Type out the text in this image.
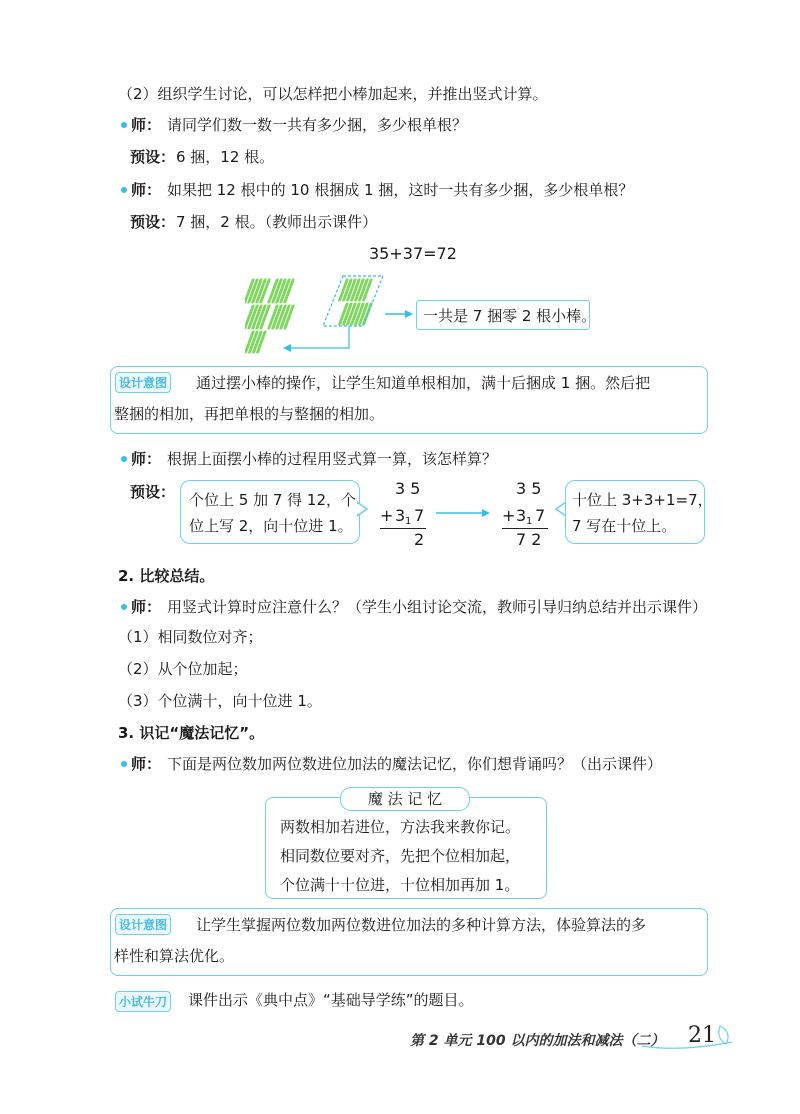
（2）组织学生讨论，可以怎样把小棒加起来，并推出竖式计算。
师： 请同学们数一数一共有多少捆，多少根单根？
预设： 6 捆，12 根。
师： 如果把 12 根中的 10 根捆成 1 捆，这时一共有多少捆，多少根单根？
预设： 7 捆，2 根。（教师出示课件）
35+37=72
一共是 7 捆零 2 根小棒。
设计意图 通过摆小棒的操作，让学生知道单根相加，满十后捆成 1 捆。然后把
整捆的相加，再把单根的与整捆的相加。
师： 根据上面摆小棒的过程用竖式算一算，该怎样算？
预设： 个位上 5 加 7 得 12，个
位上写 2，向十位进 1。
3 5
+ 3 1 7
2
3 5
+ 3 1 7
7 2
十位上 3+3+1=7，
7 写在十位上。
2. 比较总结。
师： 用竖式计算时应注意什么？（学生小组讨论交流，教师引导归纳总结并出示课件）
（1）相同数位对齐；
（2）从个位加起；
（3）个位满十，向十位进 1。
3. 识记“魔法记忆”。
师： 下面是两位数加两位数进位加法的魔法记忆，你们想背诵吗？（出示课件）
两数相加若进位，方法我来教你记。
相同数位要对齐，先把个位相加起，
个位满十十位进，十位相加再加 1。
魔 法 记 忆
设计意图 让学生掌握两位数加两位数进位加法的多种计算方法，体验算法的多
样性和算法优化。
小试牛刀 课件出示《典中点》“基础导学练”的题目。
第 2 单元 100 以内的加法和减法（二） 21
